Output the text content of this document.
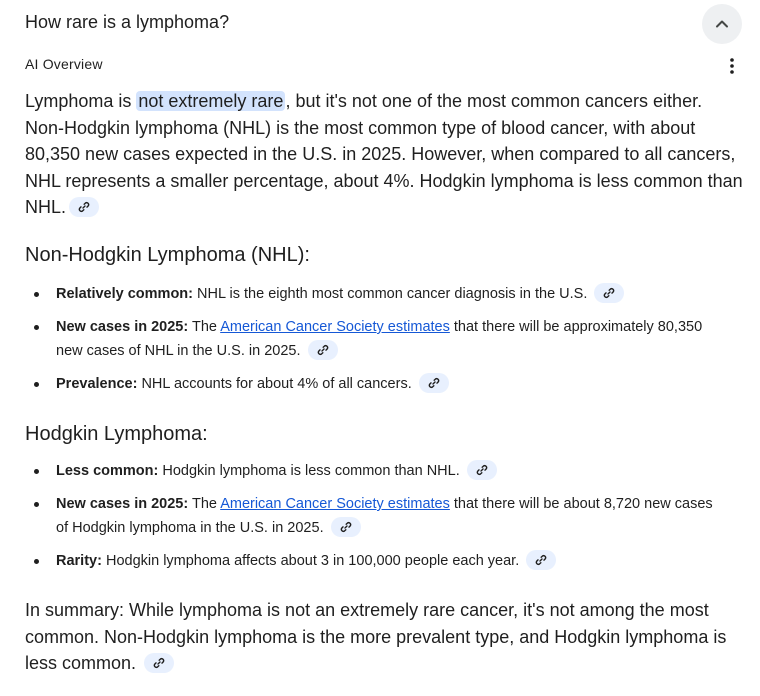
How rare is a lymphoma?
AI Overview

Lymphoma is not extremely rare , but it's not one of the most common cancers either. Non-Hodgkin lymphoma (NHL) is the most common type of blood cancer, with about 80,350 new cases expected in the U.S. in 2025. However, when compared to all cancers, NHL represents a smaller percentage, about 4%. Hodgkin lymphoma is less common than NHL.

Non-Hodgkin Lymphoma (NHL):
Relatively common: NHL is the eighth most common cancer diagnosis in the U.S.
New cases in 2025: The American Cancer Society estimates that there will be approximately 80,350 new cases of NHL in the U.S. in 2025.
Prevalence: NHL accounts for about 4% of all cancers.
Hodgkin Lymphoma:
Less common: Hodgkin lymphoma is less common than NHL.
New cases in 2025: The American Cancer Society estimates that there will be about 8,720 new cases of Hodgkin lymphoma in the U.S. in 2025.
Rarity: Hodgkin lymphoma affects about 3 in 100,000 people each year.

In summary: While lymphoma is not an extremely rare cancer, it's not among the most common. Non-Hodgkin lymphoma is the more prevalent type, and Hodgkin lymphoma is less common.
